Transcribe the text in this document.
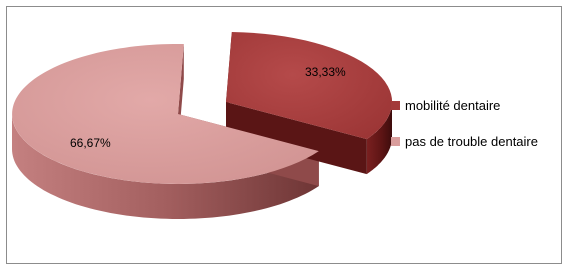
33,33%
66,67%
mobilité dentaire
pas de trouble dentaire
